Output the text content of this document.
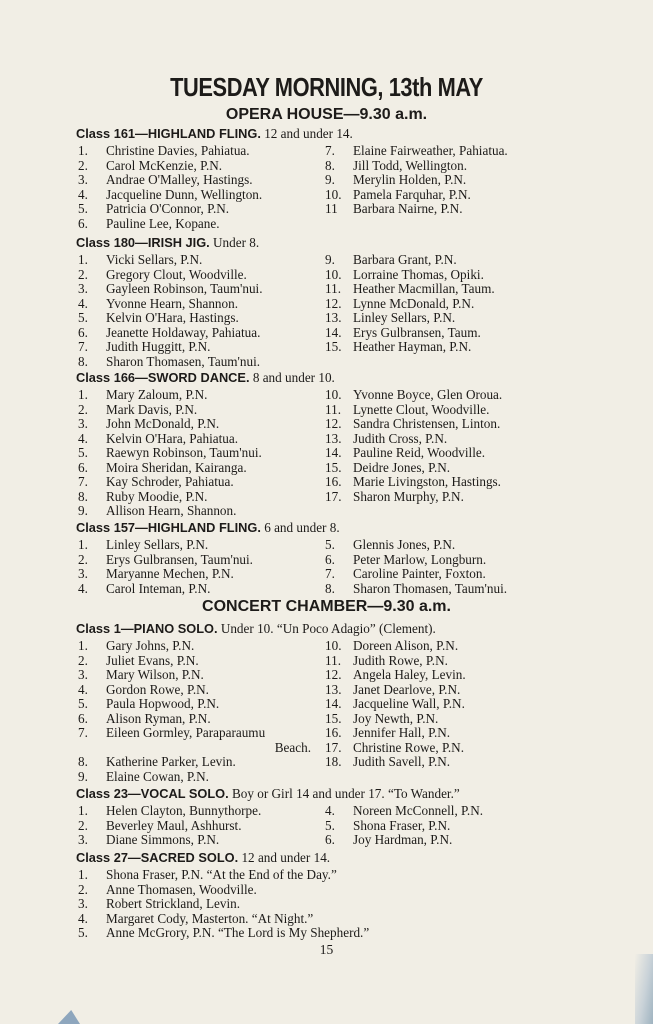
TUESDAY MORNING, 13th MAY
OPERA HOUSE—9.30 a.m.
CONCERT CHAMBER—9.30 a.m.
Class 161—HIGHLAND FLING. 12 and under 14.
1. Christine Davies, Pahiatua.
2. Carol McKenzie, P.N.
3. Andrae O'Malley, Hastings.
4. Jacqueline Dunn, Wellington.
5. Patricia O'Connor, P.N.
6. Pauline Lee, Kopane.
7. Elaine Fairweather, Pahiatua.
8. Jill Todd, Wellington.
9. Merylin Holden, P.N.
10. Pamela Farquhar, P.N.
11 Barbara Nairne, P.N.
Class 180—IRISH JIG. Under 8.
1. Vicki Sellars, P.N.
2. Gregory Clout, Woodville.
3. Gayleen Robinson, Taum'nui.
4. Yvonne Hearn, Shannon.
5. Kelvin O'Hara, Hastings.
6. Jeanette Holdaway, Pahiatua.
7. Judith Huggitt, P.N.
8. Sharon Thomasen, Taum'nui.
9. Barbara Grant, P.N.
10. Lorraine Thomas, Opiki.
11. Heather Macmillan, Taum.
12. Lynne McDonald, P.N.
13. Linley Sellars, P.N.
14. Erys Gulbransen, Taum.
15. Heather Hayman, P.N.
Class 166—SWORD DANCE. 8 and under 10.
1. Mary Zaloum, P.N.
2. Mark Davis, P.N.
3. John McDonald, P.N.
4. Kelvin O'Hara, Pahiatua.
5. Raewyn Robinson, Taum'nui.
6. Moira Sheridan, Kairanga.
7. Kay Schroder, Pahiatua.
8. Ruby Moodie, P.N.
9. Allison Hearn, Shannon.
10. Yvonne Boyce, Glen Oroua.
11. Lynette Clout, Woodville.
12. Sandra Christensen, Linton.
13. Judith Cross, P.N.
14. Pauline Reid, Woodville.
15. Deidre Jones, P.N.
16. Marie Livingston, Hastings.
17. Sharon Murphy, P.N.
Class 157—HIGHLAND FLING. 6 and under 8.
1. Linley Sellars, P.N.
2. Erys Gulbransen, Taum'nui.
3. Maryanne Mechen, P.N.
4. Carol Inteman, P.N.
5. Glennis Jones, P.N.
6. Peter Marlow, Longburn.
7. Caroline Painter, Foxton.
8. Sharon Thomasen, Taum'nui.
Class 1—PIANO SOLO. Under 10. “Un Poco Adagio” (Clement).
1. Gary Johns, P.N.
2. Juliet Evans, P.N.
3. Mary Wilson, P.N.
4. Gordon Rowe, P.N.
5. Paula Hopwood, P.N.
6. Alison Ryman, P.N.
7. Eileen Gormley, Paraparaumu
Beach.
8. Katherine Parker, Levin.
9. Elaine Cowan, P.N.
10. Doreen Alison, P.N.
11. Judith Rowe, P.N.
12. Angela Haley, Levin.
13. Janet Dearlove, P.N.
14. Jacqueline Wall, P.N.
15. Joy Newth, P.N.
16. Jennifer Hall, P.N.
17. Christine Rowe, P.N.
18. Judith Savell, P.N.
Class 23—VOCAL SOLO. Boy or Girl 14 and under 17. “To Wander.”
1. Helen Clayton, Bunnythorpe.
2. Beverley Maul, Ashhurst.
3. Diane Simmons, P.N.
4. Noreen McConnell, P.N.
5. Shona Fraser, P.N.
6. Joy Hardman, P.N.
Class 27—SACRED SOLO. 12 and under 14.
1. Shona Fraser, P.N. “At the End of the Day.”
2. Anne Thomasen, Woodville.
3. Robert Strickland, Levin.
4. Margaret Cody, Masterton. “At Night.”
5. Anne McGrory, P.N. “The Lord is My Shepherd.”
15
